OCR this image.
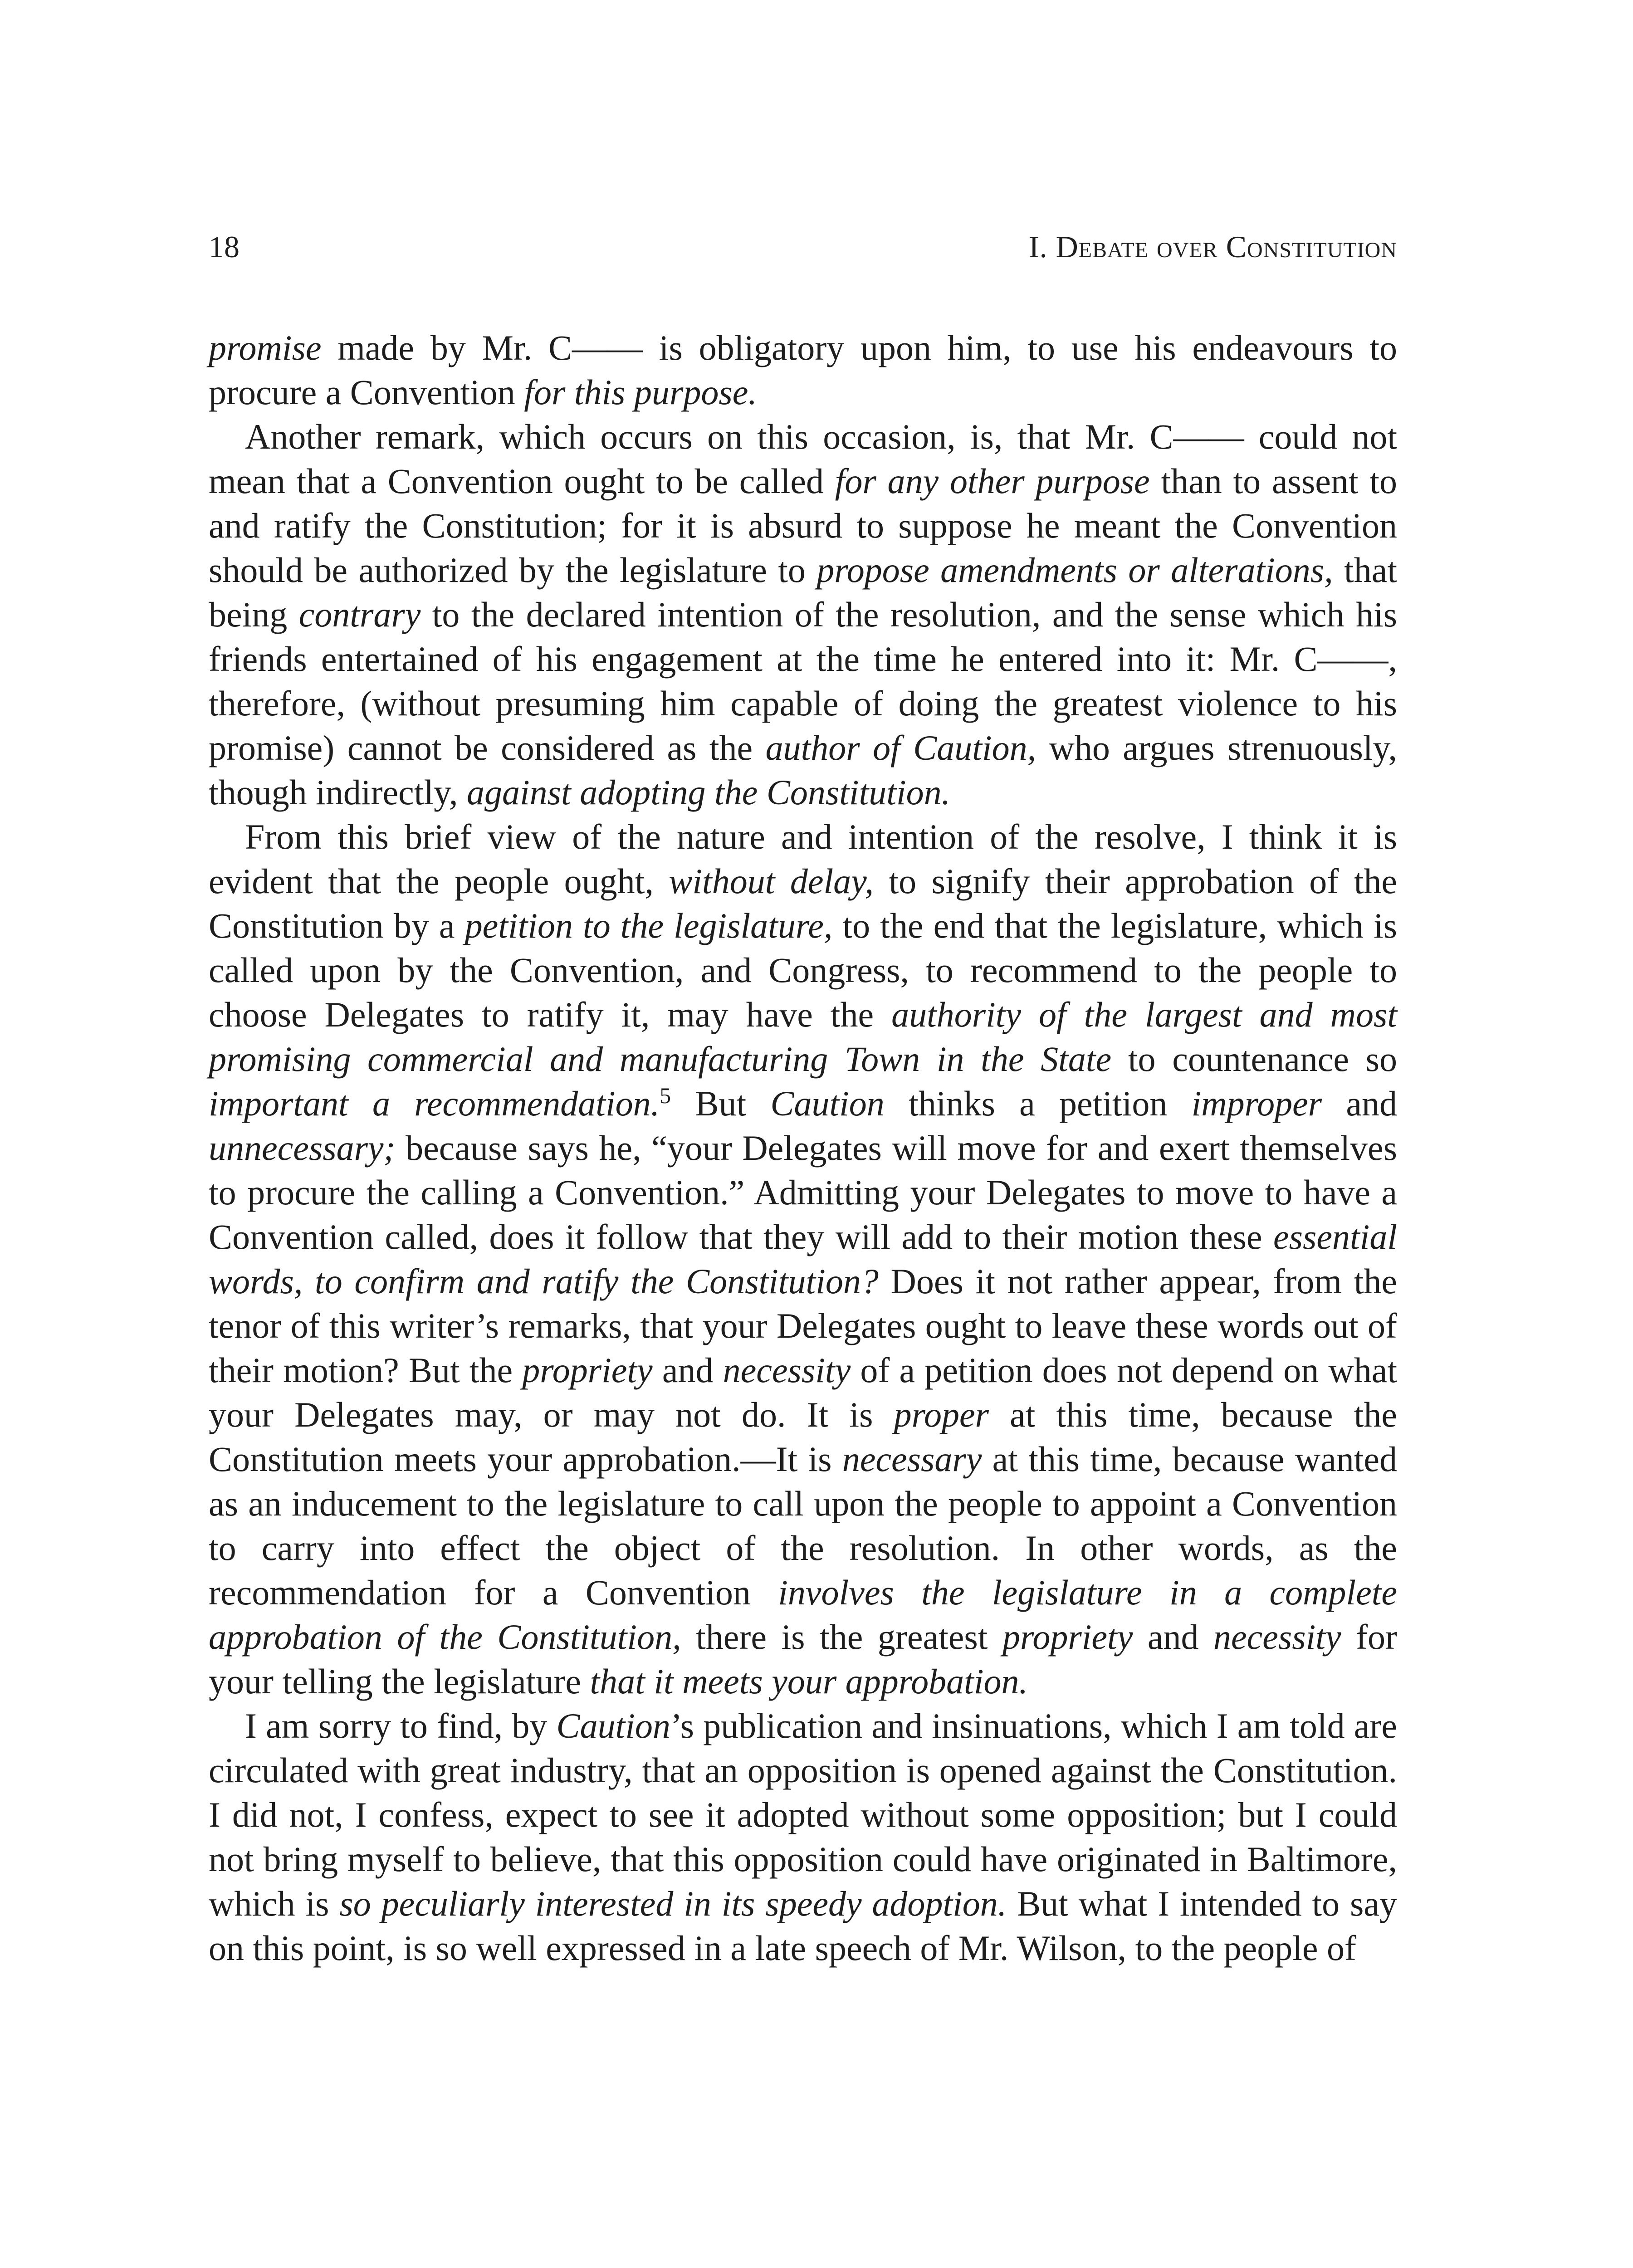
18	I. Debate over Constitution

promise made by Mr. C—— is obligatory upon him, to use his endeavours to procure a Convention for this purpose.

Another remark, which occurs on this occasion, is, that Mr. C—— could not mean that a Convention ought to be called for any other purpose than to assent to and ratify the Constitution; for it is absurd to suppose he meant the Convention should be authorized by the legislature to propose amendments or alterations, that being contrary to the declared intention of the resolution, and the sense which his friends entertained of his engagement at the time he entered into it: Mr. C——, therefore, (without presuming him capable of doing the greatest violence to his promise) cannot be considered as the author of Caution, who argues strenuously, though indirectly, against adopting the Constitution.

From this brief view of the nature and intention of the resolve, I think it is evident that the people ought, without delay, to signify their approbation of the Constitution by a petition to the legislature, to the end that the legislature, which is called upon by the Convention, and Congress, to recommend to the people to choose Delegates to ratify it, may have the authority of the largest and most promising commercial and manufacturing Town in the State to countenance so important a recommendation.$^5$ But Caution thinks a petition improper and unnecessary; because says he, “your Delegates will move for and exert themselves to procure the calling a Convention.” Admitting your Delegates to move to have a Convention called, does it follow that they will add to their motion these essential words, to confirm and ratify the Constitution? Does it not rather appear, from the tenor of this writer’s remarks, that your Delegates ought to leave these words out of their motion? But the propriety and necessity of a petition does not depend on what your Delegates may, or may not do. It is proper at this time, because the Constitution meets your approbation.—It is necessary at this time, because wanted as an inducement to the legislature to call upon the people to appoint a Convention to carry into effect the object of the resolution. In other words, as the recommendation for a Convention involves the legislature in a complete approbation of the Constitution, there is the greatest propriety and necessity for your telling the legislature that it meets your approbation.

I am sorry to find, by Caution’s publication and insinuations, which I am told are circulated with great industry, that an opposition is opened against the Constitution. I did not, I confess, expect to see it adopted without some opposition; but I could not bring myself to believe, that this opposition could have originated in Baltimore, which is so peculiarly interested in its speedy adoption. But what I intended to say on this point, is so well expressed in a late speech of Mr. Wilson, to the people of
